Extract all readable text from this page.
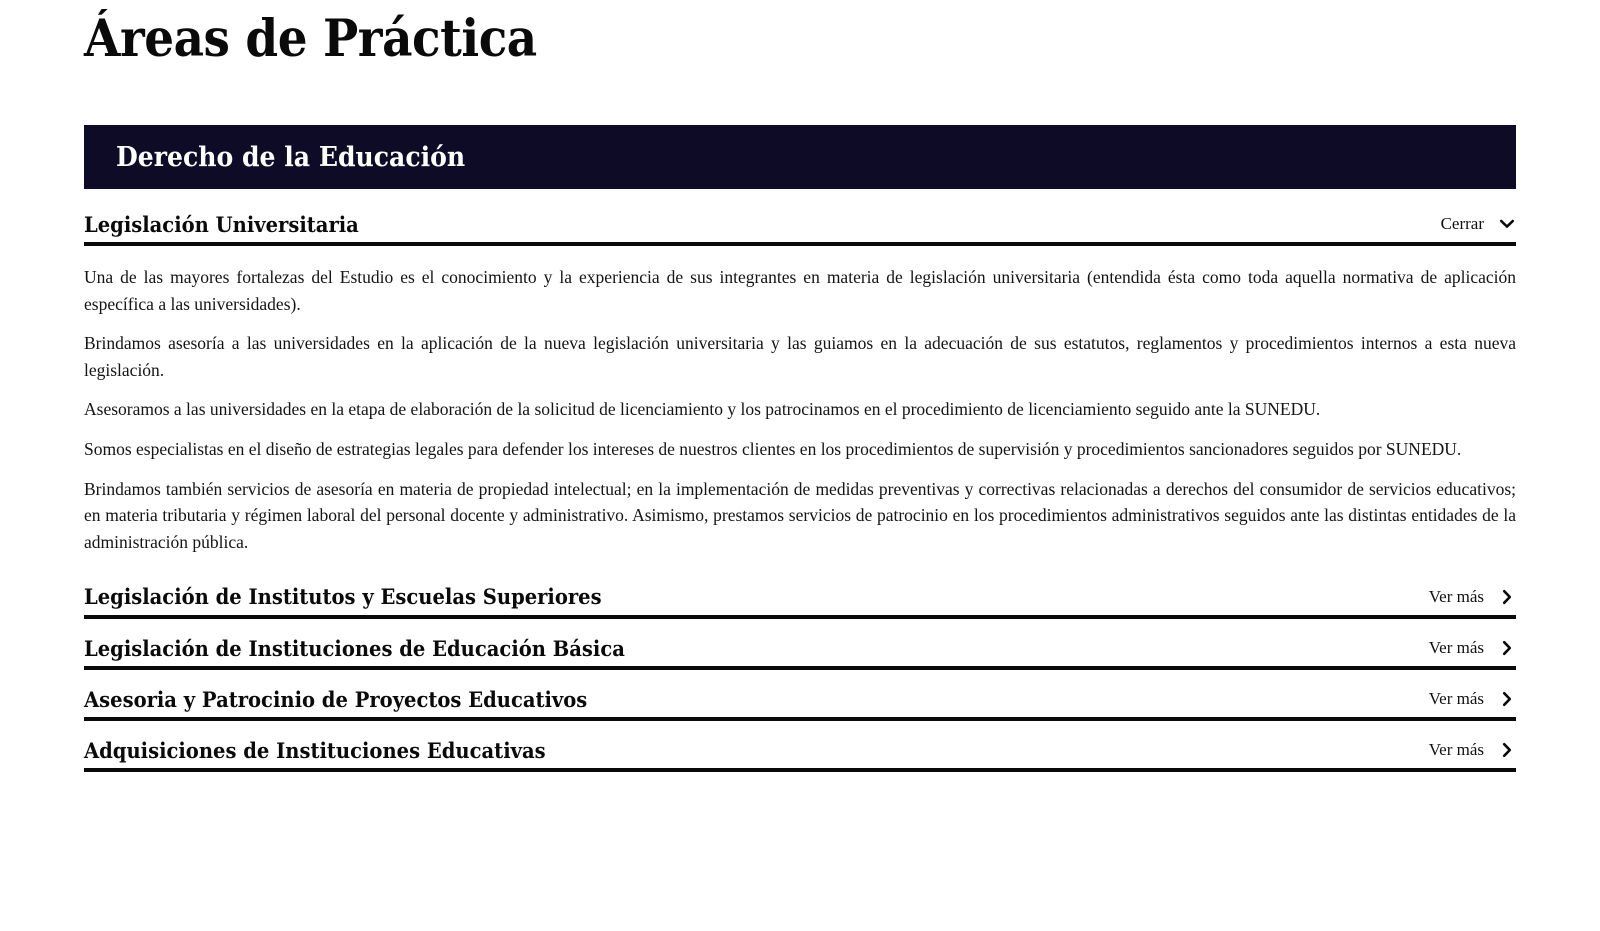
Áreas de Práctica
Derecho de la Educación
Legislación Universitaria	Cerrar

Una de las mayores fortalezas del Estudio es el conocimiento y la experiencia de sus integrantes en materia de legislación universitaria (entendida ésta como toda aquella normativa de aplicación específica a las universidades).

Brindamos asesoría a las universidades en la aplicación de la nueva legislación universitaria y las guiamos en la adecuación de sus estatutos, reglamentos y procedimientos internos a esta nueva legislación.

Asesoramos a las universidades en la etapa de elaboración de la solicitud de licenciamiento y los patrocinamos en el procedimiento de licenciamiento seguido ante la SUNEDU.

Somos especialistas en el diseño de estrategias legales para defender los intereses de nuestros clientes en los procedimientos de supervisión y procedimientos sancionadores seguidos por SUNEDU.

Brindamos también servicios de asesoría en materia de propiedad intelectual; en la implementación de medidas preventivas y correctivas relacionadas a derechos del consumidor de servicios educativos; en materia tributaria y régimen laboral del personal docente y administrativo. Asimismo, prestamos servicios de patrocinio en los procedimientos administrativos seguidos ante las distintas entidades de la administración pública.

Legislación de Institutos y Escuelas Superiores	Ver más
Legislación de Instituciones de Educación Básica	Ver más
Asesoria y Patrocinio de Proyectos Educativos	Ver más
Adquisiciones de Instituciones Educativas	Ver más
